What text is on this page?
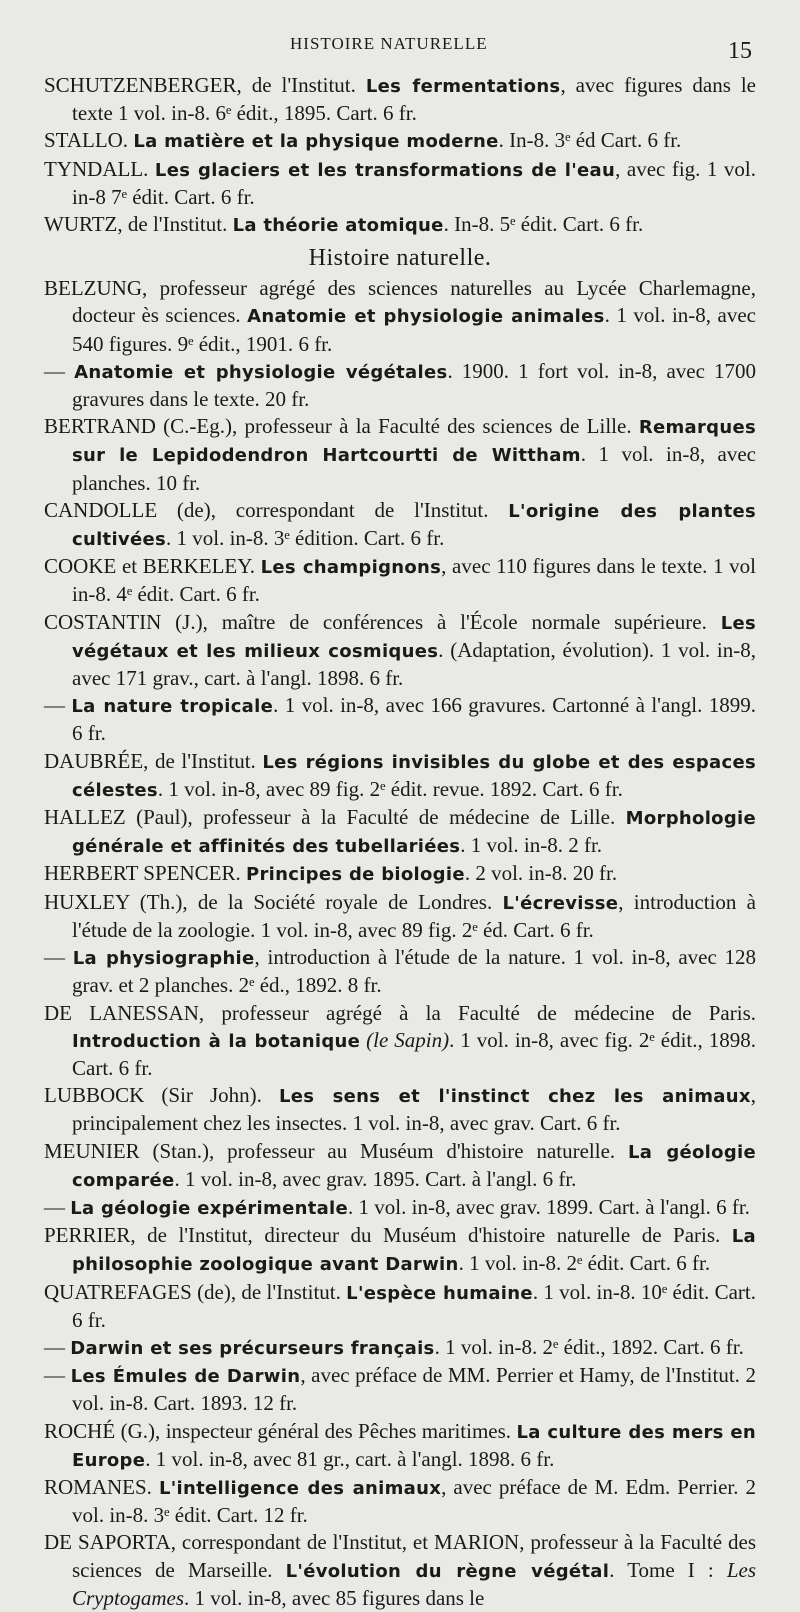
HISTOIRE NATURELLE	15

SCHUTZENBERGER, de l'Institut. Les fermentations, avec figures dans le texte 1 vol. in-8. 6ᵉ édit., 1895. Cart. 6 fr.

STALLO. La matière et la physique moderne. In-8. 3ᵉ éd Cart. 6 fr.

TYNDALL. Les glaciers et les transformations de l'eau, avec fig. 1 vol. in-8 7ᵉ édit. Cart. 6 fr.

WURTZ, de l'Institut. La théorie atomique. In-8. 5ᵉ édit. Cart. 6 fr.

Histoire naturelle.

BELZUNG, professeur agrégé des sciences naturelles au Lycée Charlemagne, docteur ès sciences. Anatomie et physiologie animales. 1 vol. in-8, avec 540 figures. 9ᵉ édit., 1901. 6 fr.

— Anatomie et physiologie végétales. 1900. 1 fort vol. in-8, avec 1700 gravures dans le texte. 20 fr.

BERTRAND (C.-Eg.), professeur à la Faculté des sciences de Lille. Remarques sur le Lepidodendron Hartcourtti de Wittham. 1 vol. in-8, avec planches. 10 fr.

CANDOLLE (de), correspondant de l'Institut. L'origine des plantes cultivées. 1 vol. in-8. 3ᵉ édition. Cart. 6 fr.

COOKE et BERKELEY. Les champignons, avec 110 figures dans le texte. 1 vol in-8. 4ᵉ édit. Cart. 6 fr.

COSTANTIN (J.), maître de conférences à l'École normale supérieure. Les végétaux et les milieux cosmiques. (Adaptation, évolution). 1 vol. in-8, avec 171 grav., cart. à l'angl. 1898. 6 fr.

— La nature tropicale. 1 vol. in-8, avec 166 gravures. Cartonné à l'angl. 1899. 6 fr.

DAUBRÉE, de l'Institut. Les régions invisibles du globe et des espaces célestes. 1 vol. in-8, avec 89 fig. 2ᵉ édit. revue. 1892. Cart. 6 fr.

HALLEZ (Paul), professeur à la Faculté de médecine de Lille. Morphologie générale et affinités des tubellariées. 1 vol. in-8. 2 fr.

HERBERT SPENCER. Principes de biologie. 2 vol. in-8. 20 fr.

HUXLEY (Th.), de la Société royale de Londres. L'écrevisse, introduction à l'étude de la zoologie. 1 vol. in-8, avec 89 fig. 2ᵉ éd. Cart. 6 fr.

— La physiographie, introduction à l'étude de la nature. 1 vol. in-8, avec 128 grav. et 2 planches. 2ᵉ éd., 1892. 8 fr.

DE LANESSAN, professeur agrégé à la Faculté de médecine de Paris. Introduction à la botanique (le Sapin). 1 vol. in-8, avec fig. 2ᵉ édit., 1898. Cart. 6 fr.

LUBBOCK (Sir John). Les sens et l'instinct chez les animaux, principalement chez les insectes. 1 vol. in-8, avec grav. Cart. 6 fr.

MEUNIER (Stan.), professeur au Muséum d'histoire naturelle. La géologie comparée. 1 vol. in-8, avec grav. 1895. Cart. à l'angl. 6 fr.

— La géologie expérimentale. 1 vol. in-8, avec grav. 1899. Cart. à l'angl. 6 fr.

PERRIER, de l'Institut, directeur du Muséum d'histoire naturelle de Paris. La philosophie zoologique avant Darwin. 1 vol. in-8. 2ᵉ édit. Cart. 6 fr.

QUATREFAGES (de), de l'Institut. L'espèce humaine. 1 vol. in-8. 10ᵉ édit. Cart. 6 fr.

— Darwin et ses précurseurs français. 1 vol. in-8. 2ᵉ édit., 1892. Cart. 6 fr.

— Les Émules de Darwin, avec préface de MM. Perrier et Hamy, de l'Institut. 2 vol. in-8. Cart. 1893. 12 fr.

ROCHÉ (G.), inspecteur général des Pêches maritimes. La culture des mers en Europe. 1 vol. in-8, avec 81 gr., cart. à l'angl. 1898. 6 fr.

ROMANES. L'intelligence des animaux, avec préface de M. Edm. Perrier. 2 vol. in-8. 3ᵉ édit. Cart. 12 fr.

DE SAPORTA, correspondant de l'Institut, et MARION, professeur à la Faculté des sciences de Marseille. L'évolution du règne végétal. Tome I : Les Cryptogames. 1 vol. in-8, avec 85 figures dans le
